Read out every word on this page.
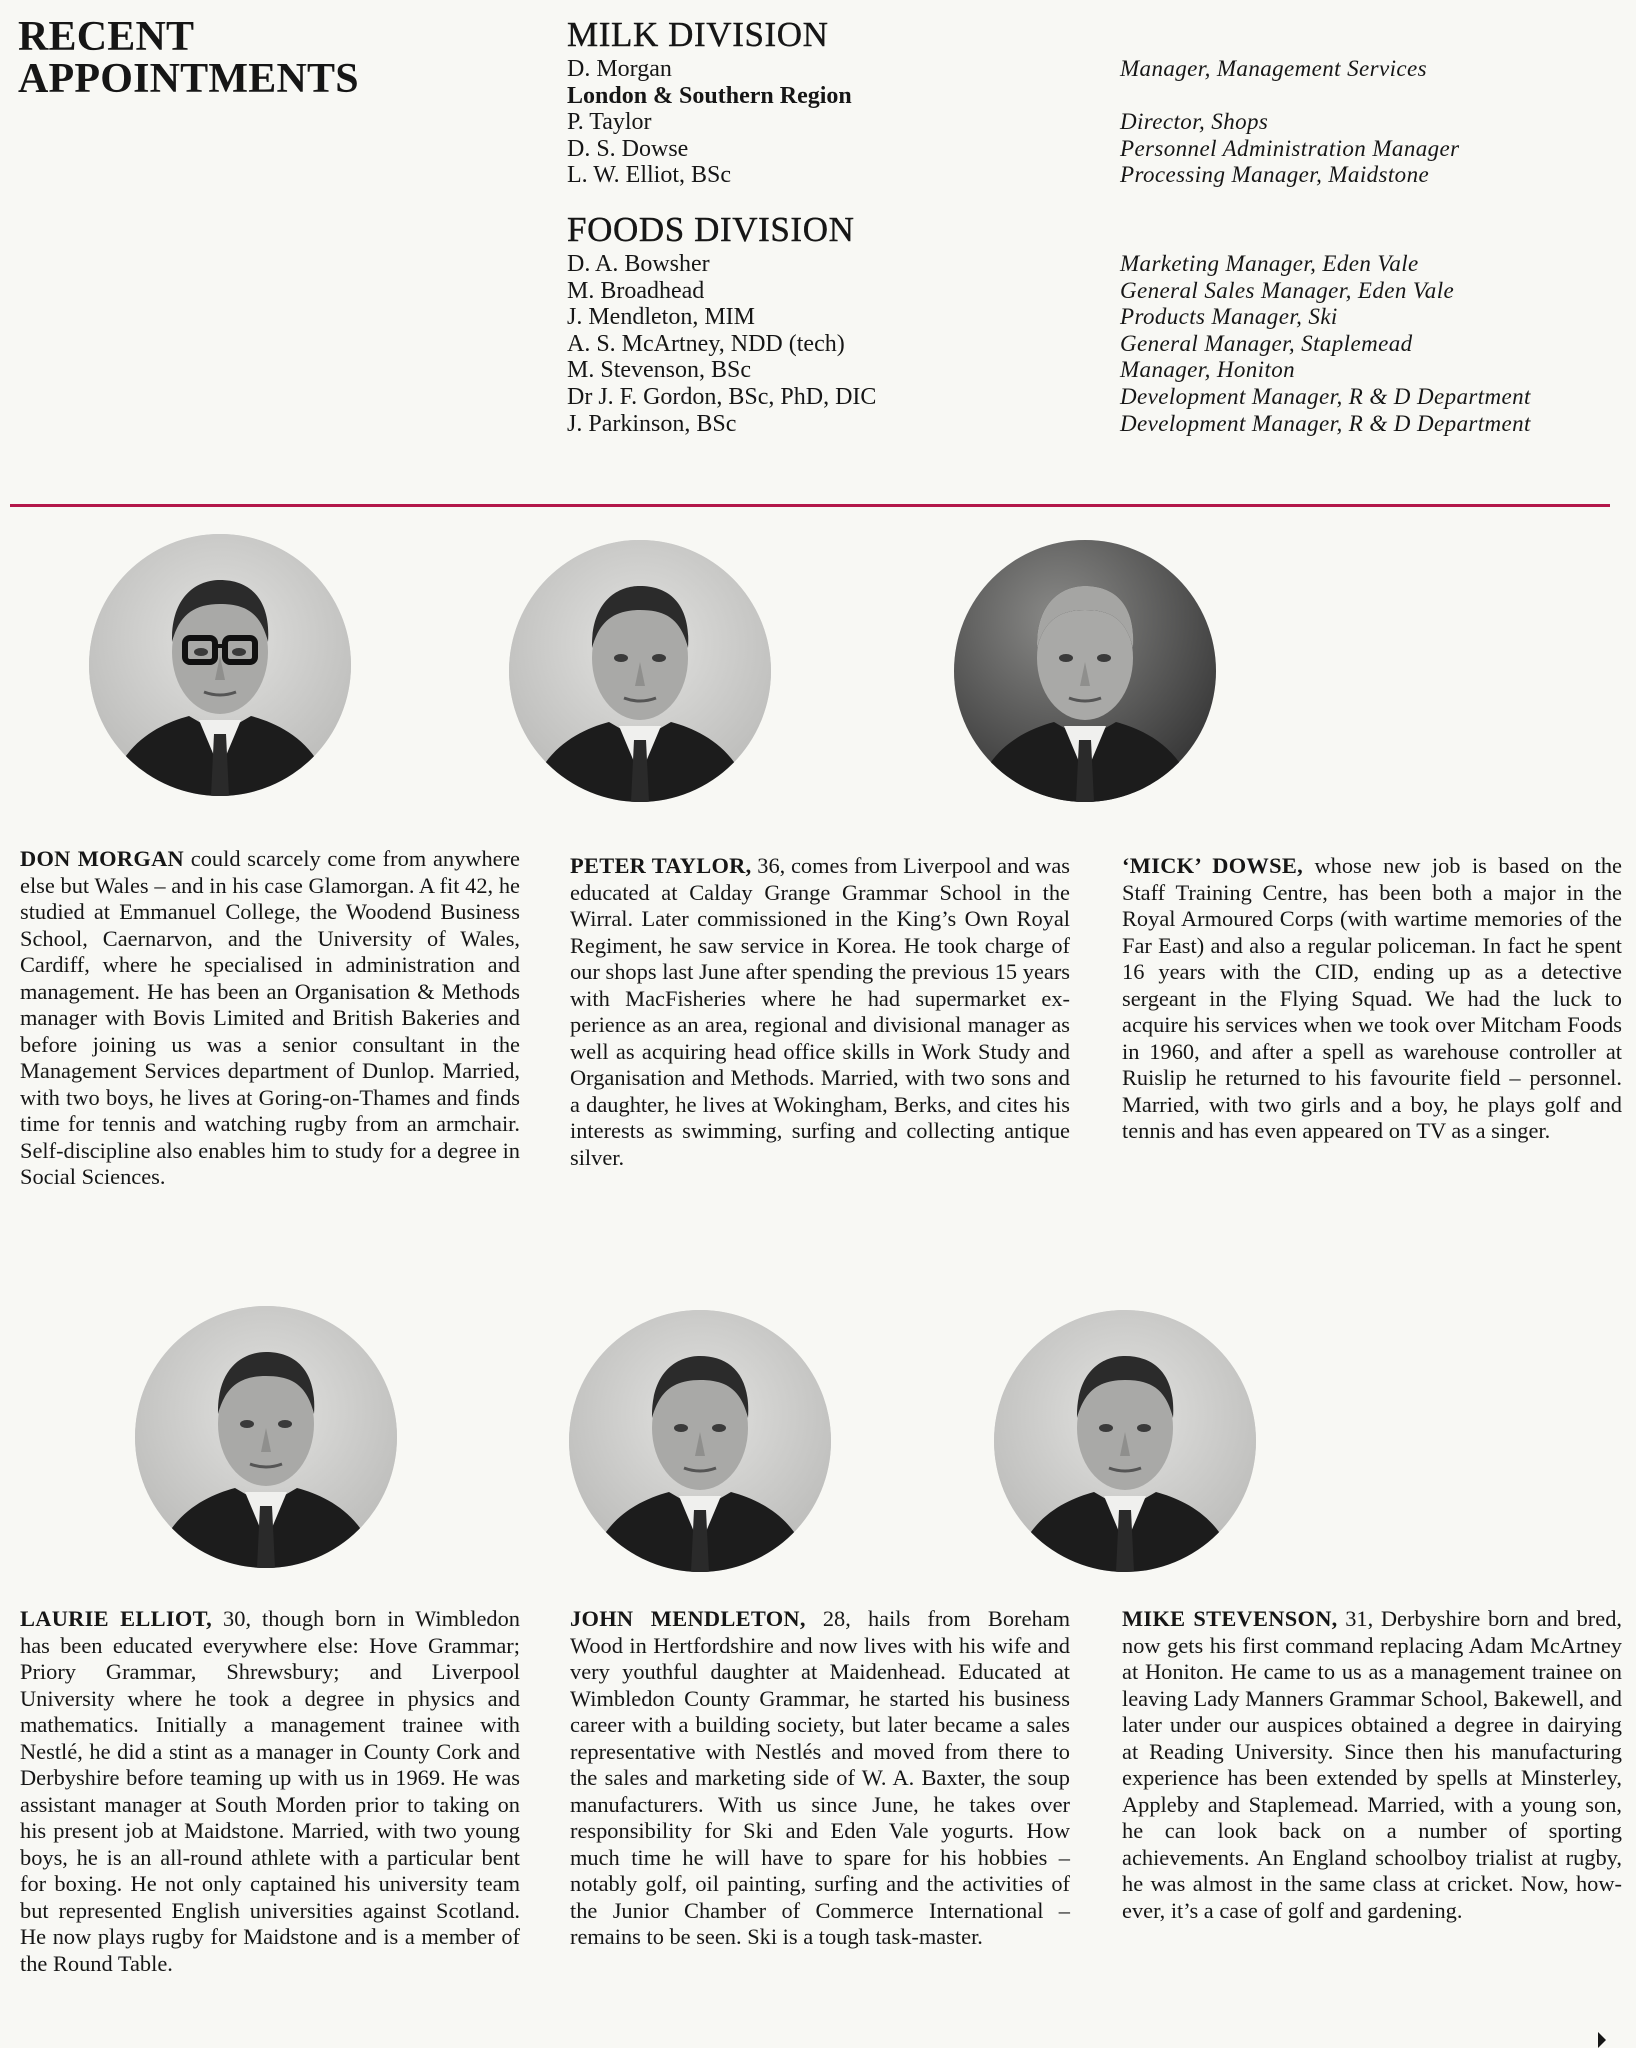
RECENT
APPOINTMENTS
MILK DIVISION
D. Morgan	Manager, Management Services
London & Southern Region
P. Taylor	Director, Shops
D. S. Dowse	Personnel Administration Manager
L. W. Elliot, BSc	Processing Manager, Maidstone
FOODS DIVISION
D. A. Bowsher	Marketing Manager, Eden Vale
M. Broadhead	General Sales Manager, Eden Vale
J. Mendleton, MIM	Products Manager, Ski
A. S. McArtney, NDD (tech)	General Manager, Staplemead
M. Stevenson, BSc	Manager, Honiton
Dr J. F. Gordon, BSc, PhD, DIC	Development Manager, R & D Department
J. Parkinson, BSc	Development Manager, R & D Department

DON MORGAN could scarcely come from anywhere else but Wales – and in his case Glamorgan. A fit 42, he studied at Emmanuel College, the Woodend Business School, Caernarvon, and the University of Wales, Cardiff, where he specialised in administration and management. He has been an Organisation & Methods manager with Bovis Limited and British Bakeries and before joining us was a senior consultant in the Management Services department of Dunlop. Married, with two boys, he lives at Goring-on-Thames and finds time for tennis and watching rugby from an armchair. Self-discipline also enables him to study for a degree in Social Sciences.

PETER TAYLOR, 36, comes from Liverpool and was educated at Calday Grange Grammar School in the Wirral. Later commissioned in the King’s Own Royal Regiment, he saw service in Korea. He took charge of our shops last June after spending the previous 15 years with MacFisheries where he had supermarket experience as an area, regional and divisional manager as well as acquiring head office skills in Work Study and Organisation and Methods. Married, with two sons and a daughter, he lives at Wokingham, Berks, and cites his interests as swimming, surfing and collecting antique silver.

‘MICK’ DOWSE, whose new job is based on the Staff Training Centre, has been both a major in the Royal Armoured Corps (with wartime memories of the Far East) and also a regular policeman. In fact he spent 16 years with the CID, ending up as a detective sergeant in the Flying Squad. We had the luck to acquire his services when we took over Mitcham Foods in 1960, and after a spell as warehouse controller at Ruislip he returned to his favourite field – personnel. Married, with two girls and a boy, he plays golf and tennis and has even appeared on TV as a singer.

LAURIE ELLIOT, 30, though born in Wimbledon has been educated everywhere else: Hove Grammar; Priory Grammar, Shrewsbury; and Liverpool University where he took a degree in physics and mathematics. Initially a management trainee with Nestlé, he did a stint as a manager in County Cork and Derbyshire before teaming up with us in 1969. He was assistant manager at South Morden prior to taking on his present job at Maidstone. Married, with two young boys, he is an all-round athlete with a particular bent for boxing. He not only captained his university team but represented English universities against Scotland. He now plays rugby for Maidstone and is a member of the Round Table.

JOHN MENDLETON, 28, hails from Boreham Wood in Hertfordshire and now lives with his wife and very youthful daughter at Maidenhead. Educated at Wimbledon County Grammar, he started his business career with a building society, but later became a sales representative with Nestlés and moved from there to the sales and marketing side of W. A. Baxter, the soup manufacturers. With us since June, he takes over responsibility for Ski and Eden Vale yogurts. How much time he will have to spare for his hobbies – notably golf, oil painting, surfing and the activities of the Junior Chamber of Commerce International – remains to be seen. Ski is a tough task-master.

MIKE STEVENSON, 31, Derbyshire born and bred, now gets his first command replacing Adam McArtney at Honiton. He came to us as a management trainee on leaving Lady Manners Grammar School, Bakewell, and later under our auspices obtained a degree in dairying at Reading University. Since then his manufacturing experience has been extended by spells at Minsterley, Appleby and Staplemead. Married, with a young son, he can look back on a number of sporting achievements. An England schoolboy trialist at rugby, he was almost in the same class at cricket. Now, however, it’s a case of golf and gardening.
